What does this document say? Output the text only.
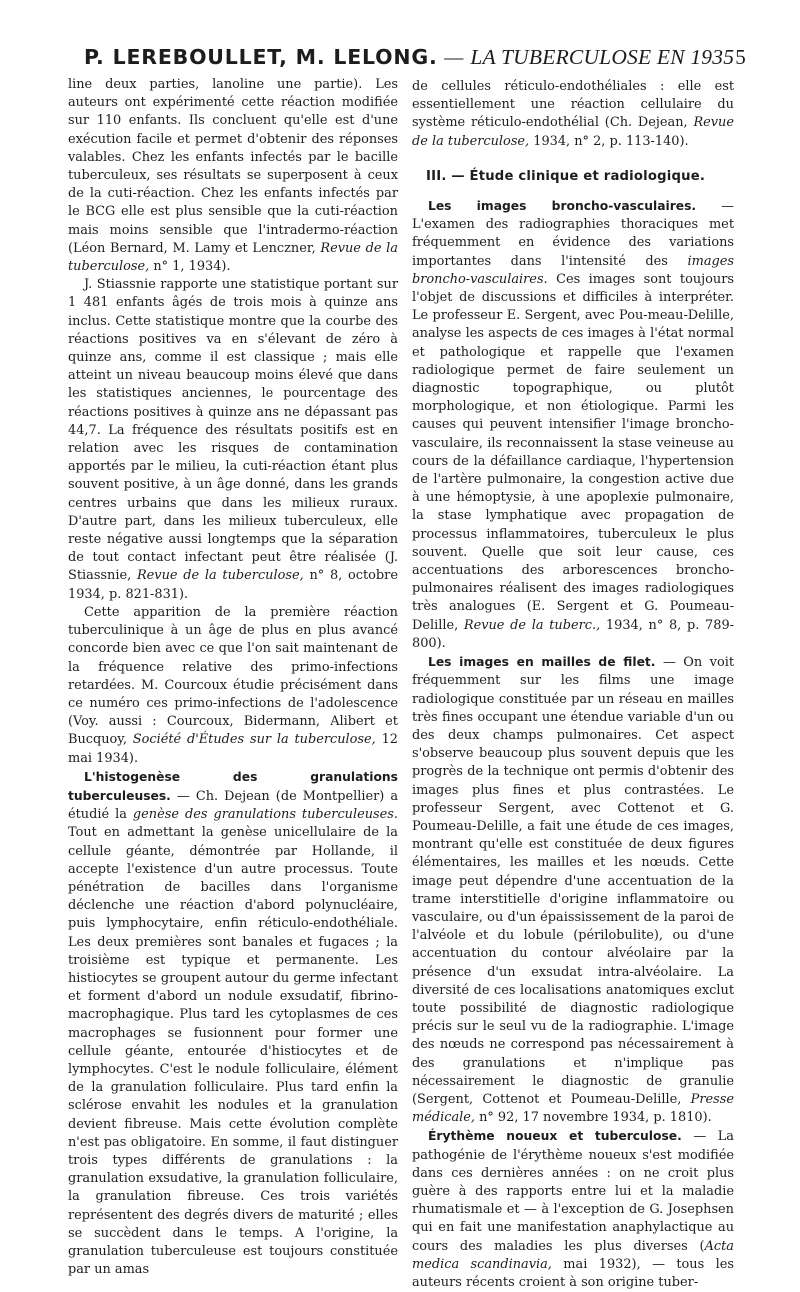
P. LEREBOULLET, M. LELONG. — LA TUBERCULOSE EN 1935 5

line deux parties, lanoline une partie). Les auteurs ont expérimenté cette réaction modifiée sur 110 enfants. Ils concluent qu'elle est d'une exécution facile et permet d'obtenir des réponses valables. Chez les enfants infectés par le bacille tuberculeux, ses résultats se superposent à ceux de la cuti-réaction. Chez les enfants infectés par le BCG elle est plus sensible que la cuti-réaction mais moins sensible que l'intradermo-réaction (Léon Bernard, M. Lamy et Lenczner, Revue de la tuberculose, n° 1, 1934).

J. Stiassnie rapporte une statistique portant sur 1 481 enfants âgés de trois mois à quinze ans inclus. Cette statistique montre que la courbe des réactions positives va en s'élevant de zéro à quinze ans, comme il est classique ; mais elle atteint un niveau beaucoup moins élevé que dans les statistiques anciennes, le pourcentage des réactions positives à quinze ans ne dépassant pas 44,7. La fréquence des résultats positifs est en relation avec les risques de contamination apportés par le milieu, la cuti-réaction étant plus souvent positive, à un âge donné, dans les grands centres urbains que dans les milieux ruraux. D'autre part, dans les milieux tuberculeux, elle reste négative aussi longtemps que la séparation de tout contact infectant peut être réalisée (J. Stiassnie, Revue de la tuberculose, n° 8, octobre 1934, p. 821-831).

Cette apparition de la première réaction tuberculinique à un âge de plus en plus avancé concorde bien avec ce que l'on sait maintenant de la fréquence relative des primo-infections retardées. M. Courcoux étudie précisément dans ce numéro ces primo-infections de l'adolescence (Voy. aussi : Courcoux, Bidermann, Alibert et Bucquoy, Société d'Études sur la tuberculose, 12 mai 1934).

L'histogenèse des granulations tuberculeuses. — Ch. Dejean (de Montpellier) a étudié la genèse des granulations tuberculeuses. Tout en admettant la genèse unicellulaire de la cellule géante, démontrée par Hollande, il accepte l'existence d'un autre processus. Toute pénétration de bacilles dans l'organisme déclenche une réaction d'abord polynucléaire, puis lymphocytaire, enfin réticulo-endothéliale. Les deux premières sont banales et fugaces ; la troisième est typique et permanente. Les histiocytes se groupent autour du germe infectant et forment d'abord un nodule exsudatif, fibrino-macrophagique. Plus tard les cytoplasmes de ces macrophages se fusionnent pour former une cellule géante, entourée d'histiocytes et de lymphocytes. C'est le nodule folliculaire, élément de la granulation folliculaire. Plus tard enfin la sclérose envahit les nodules et la granulation devient fibreuse. Mais cette évolution complète n'est pas obligatoire. En somme, il faut distinguer trois types différents de granulations : la granulation exsudative, la granulation folliculaire, la granulation fibreuse. Ces trois variétés représentent des degrés divers de maturité ; elles se succèdent dans le temps. A l'origine, la granulation tuberculeuse est toujours constituée par un amas

de cellules réticulo-endothéliales : elle est essentiellement une réaction cellulaire du système réticulo-endothélial (Ch. Dejean, Revue de la tuberculose, 1934, n° 2, p. 113-140).

III. — Étude clinique et radiologique.

Les images broncho-vasculaires. — L'examen des radiographies thoraciques met fréquemment en évidence des variations importantes dans l'intensité des images broncho-vasculaires. Ces images sont toujours l'objet de discussions et difficiles à interpréter. Le professeur E. Sergent, avec Pou-meau-Delille, analyse les aspects de ces images à l'état normal et pathologique et rappelle que l'examen radiologique permet de faire seulement un diagnostic topographique, ou plutôt morphologique, et non étiologique. Parmi les causes qui peuvent intensifier l'image broncho-vasculaire, ils reconnaissent la stase veineuse au cours de la défaillance cardiaque, l'hypertension de l'artère pulmonaire, la congestion active due à une hémoptysie, à une apoplexie pulmonaire, la stase lymphatique avec propagation de processus inflammatoires, tuberculeux le plus souvent. Quelle que soit leur cause, ces accentuations des arborescences broncho-pulmonaires réalisent des images radiologiques très analogues (E. Sergent et G. Poumeau-Delille, Revue de la tuberc., 1934, n° 8, p. 789-800).

Les images en mailles de filet. — On voit fréquemment sur les films une image radiologique constituée par un réseau en mailles très fines occupant une étendue variable d'un ou des deux champs pulmonaires. Cet aspect s'observe beaucoup plus souvent depuis que les progrès de la technique ont permis d'obtenir des images plus fines et plus contrastées. Le professeur Sergent, avec Cottenot et G. Poumeau-Delille, a fait une étude de ces images, montrant qu'elle est constituée de deux figures élémentaires, les mailles et les nœuds. Cette image peut dépendre d'une accentuation de la trame interstitielle d'origine inflammatoire ou vasculaire, ou d'un épaississement de la paroi de l'alvéole et du lobule (périlobulite), ou d'une accentuation du contour alvéolaire par la présence d'un exsudat intra-alvéolaire. La diversité de ces localisations anatomiques exclut toute possibilité de diagnostic radiologique précis sur le seul vu de la radiographie. L'image des nœuds ne correspond pas nécessairement à des granulations et n'implique pas nécessairement le diagnostic de granulie (Sergent, Cottenot et Poumeau-Delille, Presse médicale, n° 92, 17 novembre 1934, p. 1810).

Érythème noueux et tuberculose. — La pathogénie de l'érythème noueux s'est modifiée dans ces dernières années : on ne croit plus guère à des rapports entre lui et la maladie rhumatismale et — à l'exception de G. Josephsen qui en fait une manifestation anaphylactique au cours des maladies les plus diverses (Acta medica scandinavia, mai 1932), — tous les auteurs récents croient à son origine tuber-
